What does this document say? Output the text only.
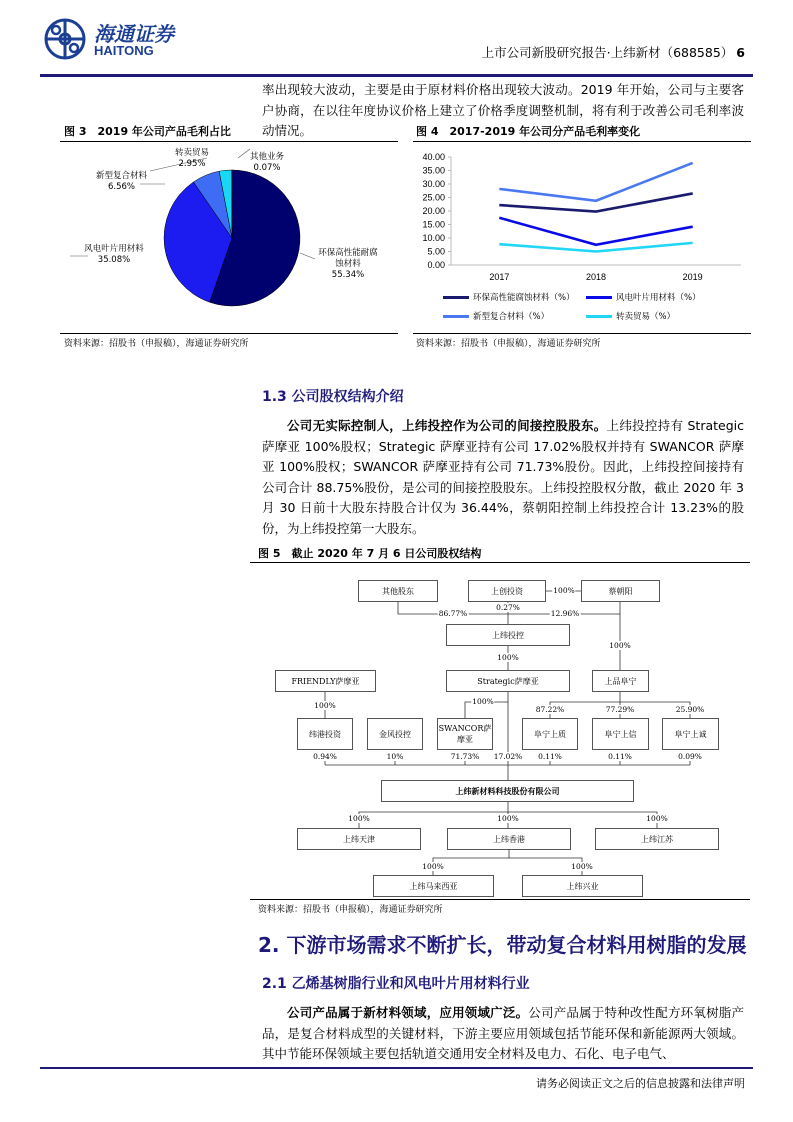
海通证券
HAITONG	上市公司新股研究报告·上纬新材（688585） 6
率出现较大波动，主要是由于原材料价格出现较大波动。2019 年开始，公司与主要客户协商，在以往年度协议价格上建立了价格季度调整机制，将有利于改善公司毛利率波动情况。
图 3　2019 年公司产品毛利占比
其他业务
0.07%
转卖贸易
2.95%
新型复合材料
6.56%
风电叶片用材料
35.08%
环保高性能耐腐蚀材料
55.34%
资料来源：招股书（申报稿），海通证券研究所
图 4　2017-2019 年公司分产品毛利率变化
0.00
5.00
10.00
15.00
20.00
25.00
30.00
35.00
40.00
2017	2018	2019
环保高性能腐蚀材料（%）	风电叶片用材料（%）
新型复合材料（%）	转卖贸易（%）
资料来源：招股书（申报稿），海通证券研究所
1.3 公司股权结构介绍
公司无实际控制人，上纬投控作为公司的间接控股股东。上纬投控持有 Strategic 萨摩亚 100%股权；Strategic 萨摩亚持有公司 17.02%股权并持有 SWANCOR 萨摩亚 100%股权；SWANCOR 萨摩亚持有公司 71.73%股份。因此，上纬投控间接持有公司合计 88.75%股份，是公司的间接控股股东。上纬投控股权分散，截止 2020 年 3 月 30 日前十大股东持股合计仅为 36.44%，蔡朝阳控制上纬投控合计 13.23%的股份，为上纬投控第一大股东。
图 5　截止 2020 年 7 月 6 日公司股权结构
其他股东	上创投资	蔡朝阳
上纬投控
FRIENDLY萨摩亚	Strategic萨摩亚	上品阜宁
纬港投资	金风投控
SWANCOR萨摩亚
阜宁上质	阜宁上信	阜宁上诚
上纬新材料科技股份有限公司
上纬天津	上纬香港	上纬江苏
上纬马来西亚	上纬兴业
100%
86.77%
0.27%
12.96%
100%
100%
100%	100%
87.22%	77.29%	25.90%
0.94%	10%	71.73% 17.02% 0.11%	0.11%	0.09%
100%	100%	100%
100%	100%
资料来源：招股书（申报稿），海通证券研究所
2. 下游市场需求不断扩长，带动复合材料用树脂的发展
2.1 乙烯基树脂行业和风电叶片用材料行业
公司产品属于新材料领域，应用领域广泛。公司产品属于特种改性配方环氧树脂产品，是复合材料成型的关键材料，下游主要应用领域包括节能环保和新能源两大领域。其中节能环保领域主要包括轨道交通用安全材料及电力、石化、电子电气、
请务必阅读正文之后的信息披露和法律声明
